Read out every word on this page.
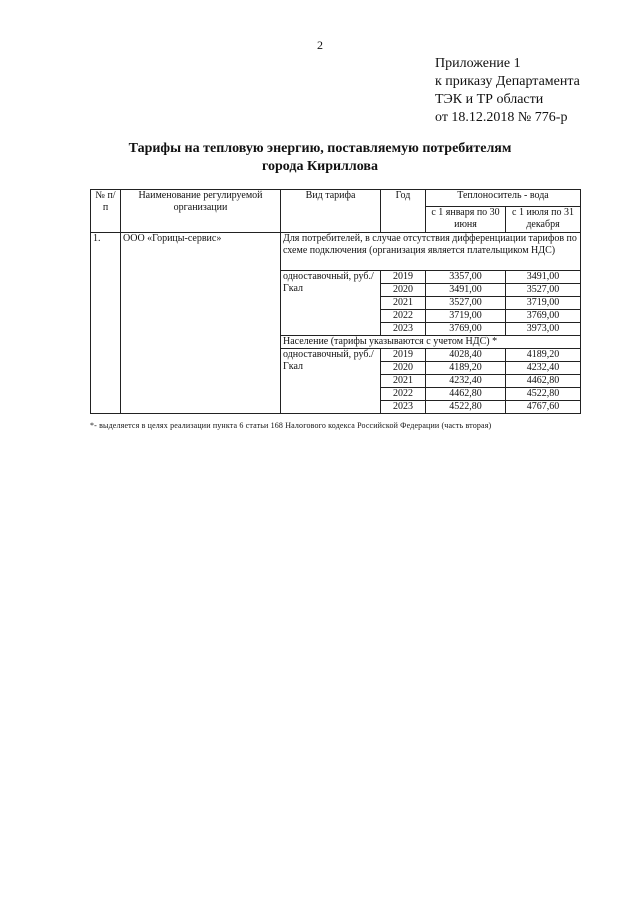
2
Приложение 1
к приказу Департамента
ТЭК и ТР области
от 18.12.2018 № 776-р
Тарифы на тепловую энергию, поставляемую потребителям
города Кириллова
№ п/п	Наименование регулируемой организации	Вид тарифа	Год	Теплоноситель - вода	
				с 1 января по 30 июня	с 1 июля по 31 декабря
1.	ООО «Горицы-сервис»	Для потребителей, в случае отсутствия дифференциации тарифов по схеме подключения (организация является плательщиком НДС)			
		одноставочный, руб./Гкал	2019	3357,00	3491,00
			2020	3491,00	3527,00
			2021	3527,00	3719,00
			2022	3719,00	3769,00
			2023	3769,00	3973,00
		Население (тарифы указываются с учетом НДС) *			
		одноставочный, руб./Гкал	2019	4028,40	4189,20
			2020	4189,20	4232,40
			2021	4232,40	4462,80
			2022	4462,80	4522,80
			2023	4522,80	4767,60
*- выделяется в целях реализации пункта 6 статьи 168 Налогового кодекса Российской Федерации (часть вторая)
